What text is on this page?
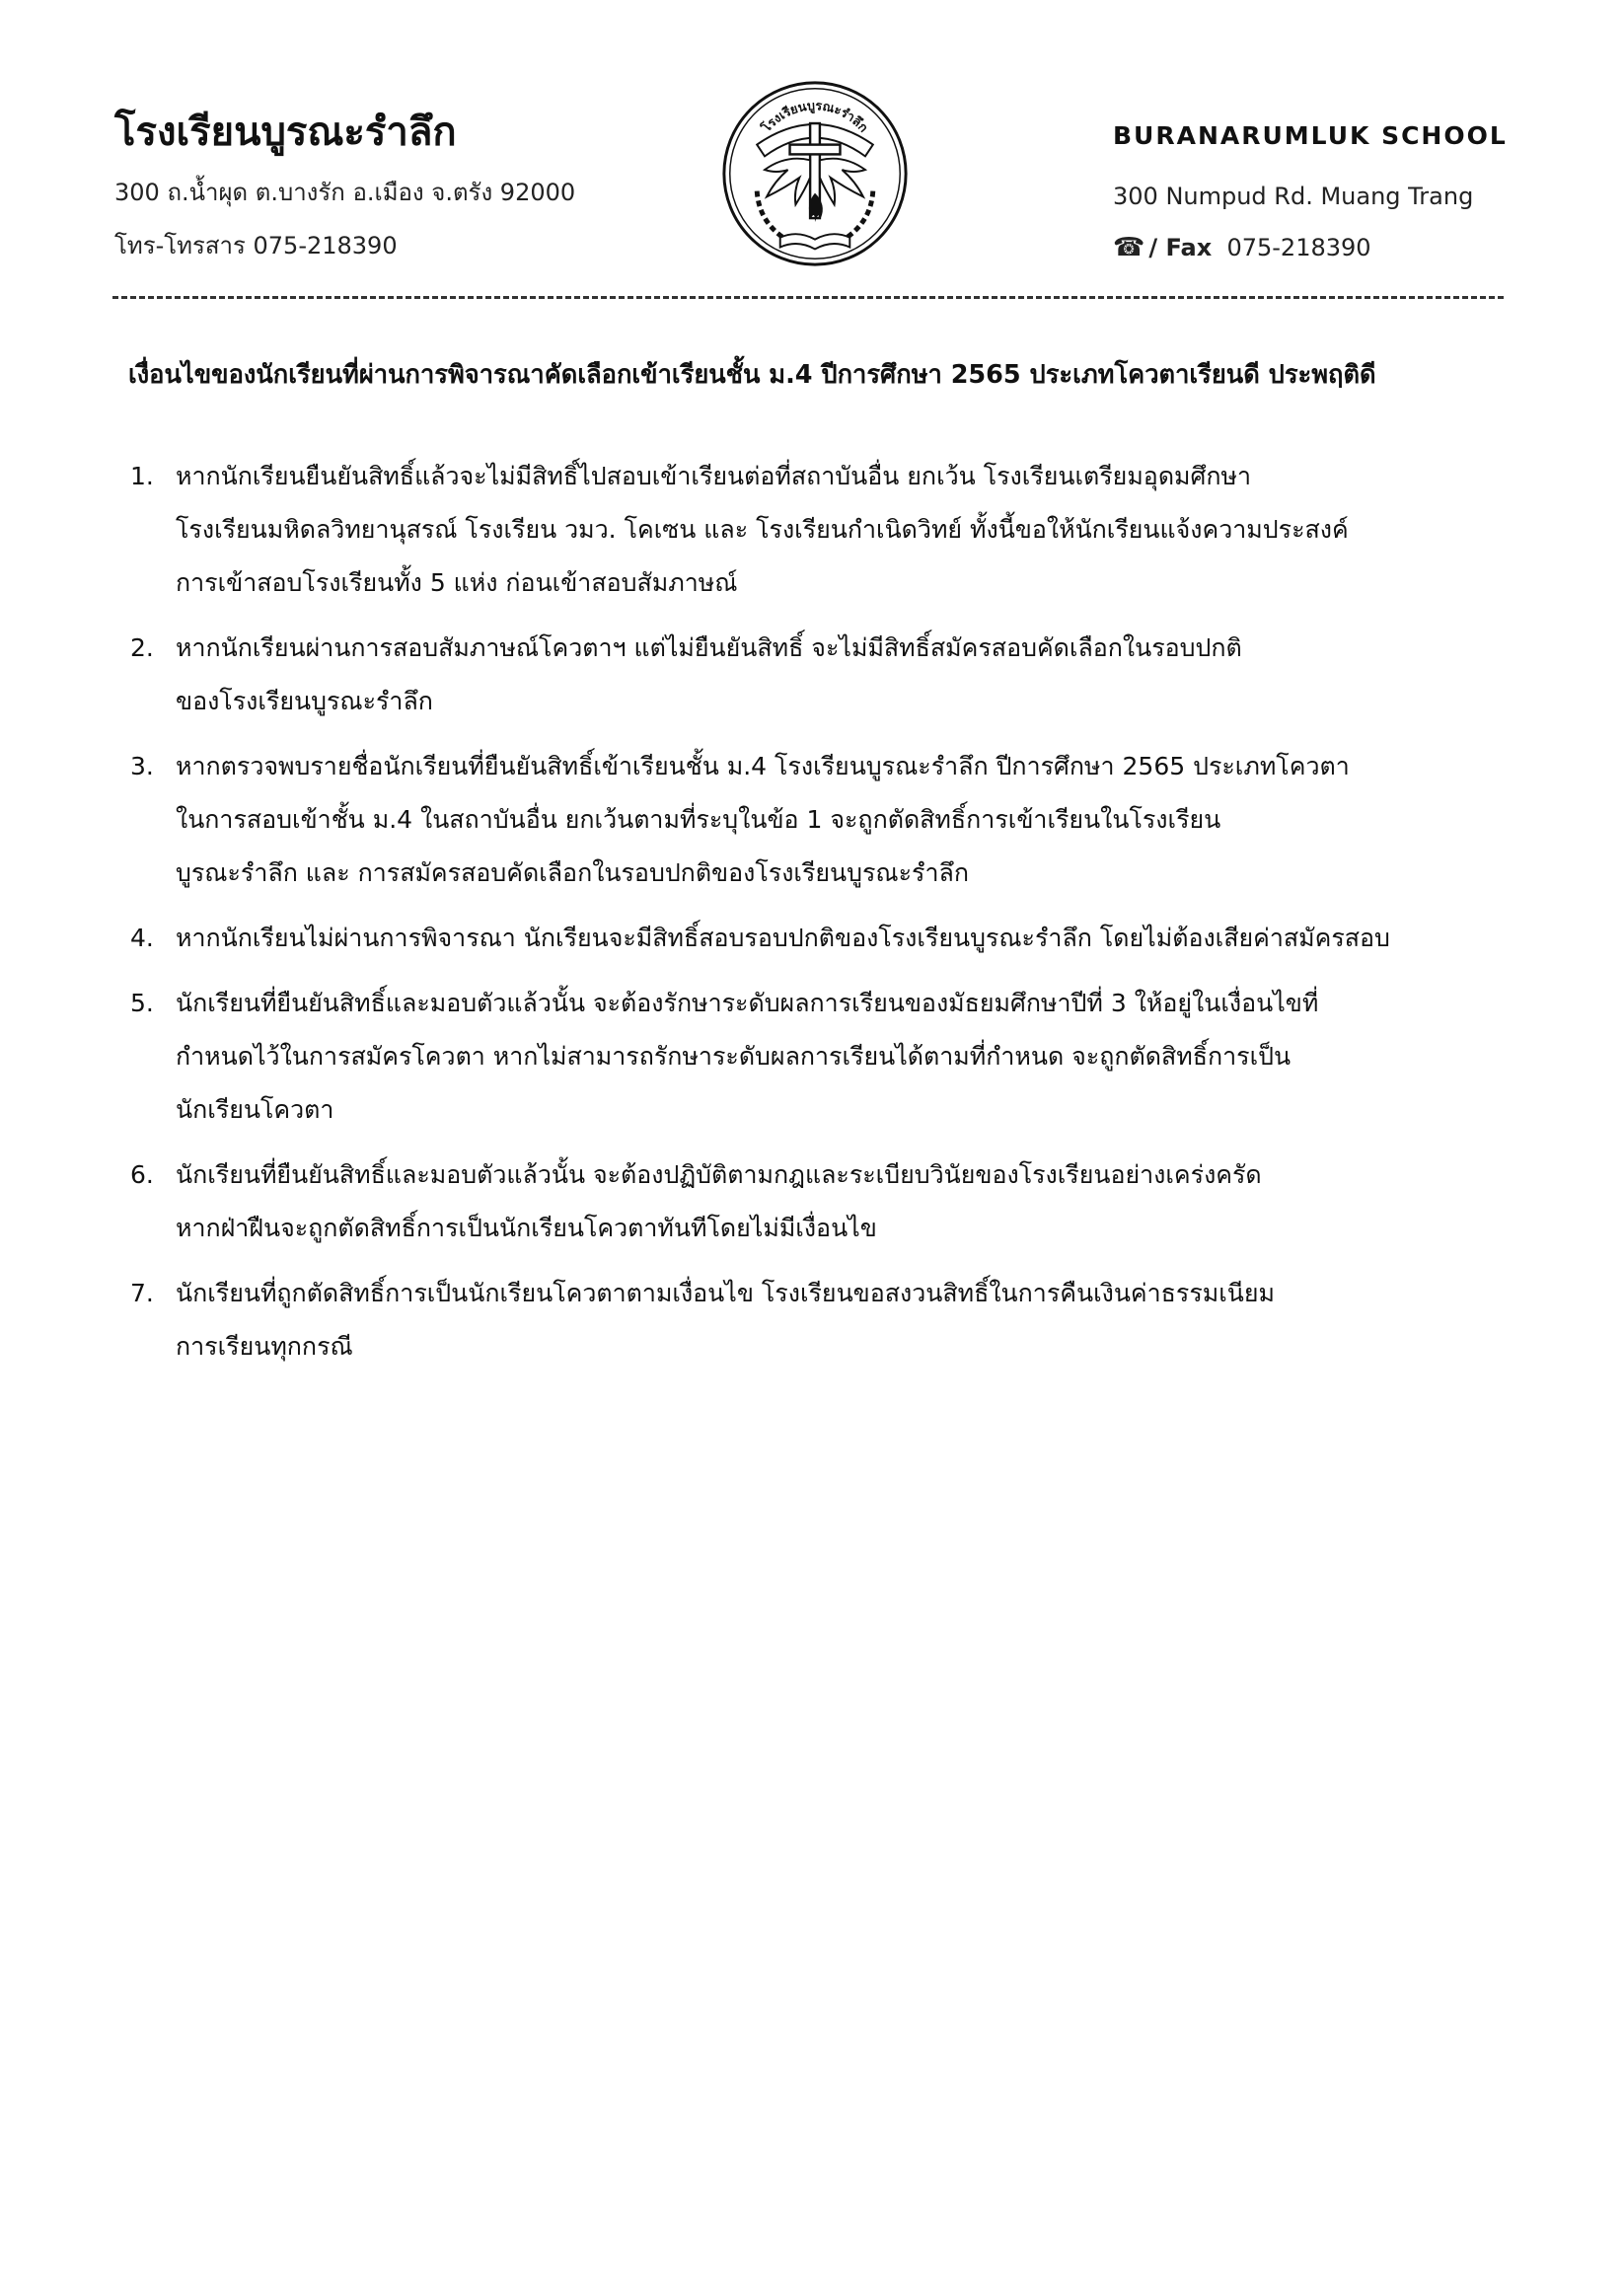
โรงเรียนบูรณะรำลึก
300 ถ.น้ำผุด ต.บางรัก อ.เมือง จ.ตรัง 92000
โทร-โทรสาร 075-218390
โรงเรียนบูรณะรำลึก	BURANARUMLUK SCHOOL
300 Numpud Rd. Muang Trang
☎ / Fax 075-218390
เงื่อนไขของนักเรียนที่ผ่านการพิจารณาคัดเลือกเข้าเรียนชั้น ม.4 ปีการศึกษา 2565 ประเภทโควตาเรียนดี ประพฤติดี
1. หากนักเรียนยืนยันสิทธิ์แล้วจะไม่มีสิทธิ์ไปสอบเข้าเรียนต่อที่สถาบันอื่น ยกเว้น โรงเรียนเตรียมอุดมศึกษา
โรงเรียนมหิดลวิทยานุสรณ์ โรงเรียน วมว. โคเซน และ โรงเรียนกำเนิดวิทย์ ทั้งนี้ขอให้นักเรียนแจ้งความประสงค์
การเข้าสอบโรงเรียนทั้ง 5 แห่ง ก่อนเข้าสอบสัมภาษณ์
2. หากนักเรียนผ่านการสอบสัมภาษณ์โควตาฯ แต่ไม่ยืนยันสิทธิ์ จะไม่มีสิทธิ์สมัครสอบคัดเลือกในรอบปกติ
ของโรงเรียนบูรณะรำลึก
3. หากตรวจพบรายชื่อนักเรียนที่ยืนยันสิทธิ์เข้าเรียนชั้น ม.4 โรงเรียนบูรณะรำลึก ปีการศึกษา 2565 ประเภทโควตา
ในการสอบเข้าชั้น ม.4 ในสถาบันอื่น ยกเว้นตามที่ระบุในข้อ 1 จะถูกตัดสิทธิ์การเข้าเรียนในโรงเรียน
บูรณะรำลึก และ การสมัครสอบคัดเลือกในรอบปกติของโรงเรียนบูรณะรำลึก
4. หากนักเรียนไม่ผ่านการพิจารณา นักเรียนจะมีสิทธิ์สอบรอบปกติของโรงเรียนบูรณะรำลึก โดยไม่ต้องเสียค่าสมัครสอบ
5. นักเรียนที่ยืนยันสิทธิ์และมอบตัวแล้วนั้น จะต้องรักษาระดับผลการเรียนของมัธยมศึกษาปีที่ 3 ให้อยู่ในเงื่อนไขที่
กำหนดไว้ในการสมัครโควตา หากไม่สามารถรักษาระดับผลการเรียนได้ตามที่กำหนด จะถูกตัดสิทธิ์การเป็น
นักเรียนโควตา
6. นักเรียนที่ยืนยันสิทธิ์และมอบตัวแล้วนั้น จะต้องปฏิบัติตามกฎและระเบียบวินัยของโรงเรียนอย่างเคร่งครัด
หากฝ่าฝืนจะถูกตัดสิทธิ์การเป็นนักเรียนโควตาทันทีโดยไม่มีเงื่อนไข
7. นักเรียนที่ถูกตัดสิทธิ์การเป็นนักเรียนโควตาตามเงื่อนไข โรงเรียนขอสงวนสิทธิ์ในการคืนเงินค่าธรรมเนียม
การเรียนทุกกรณี
